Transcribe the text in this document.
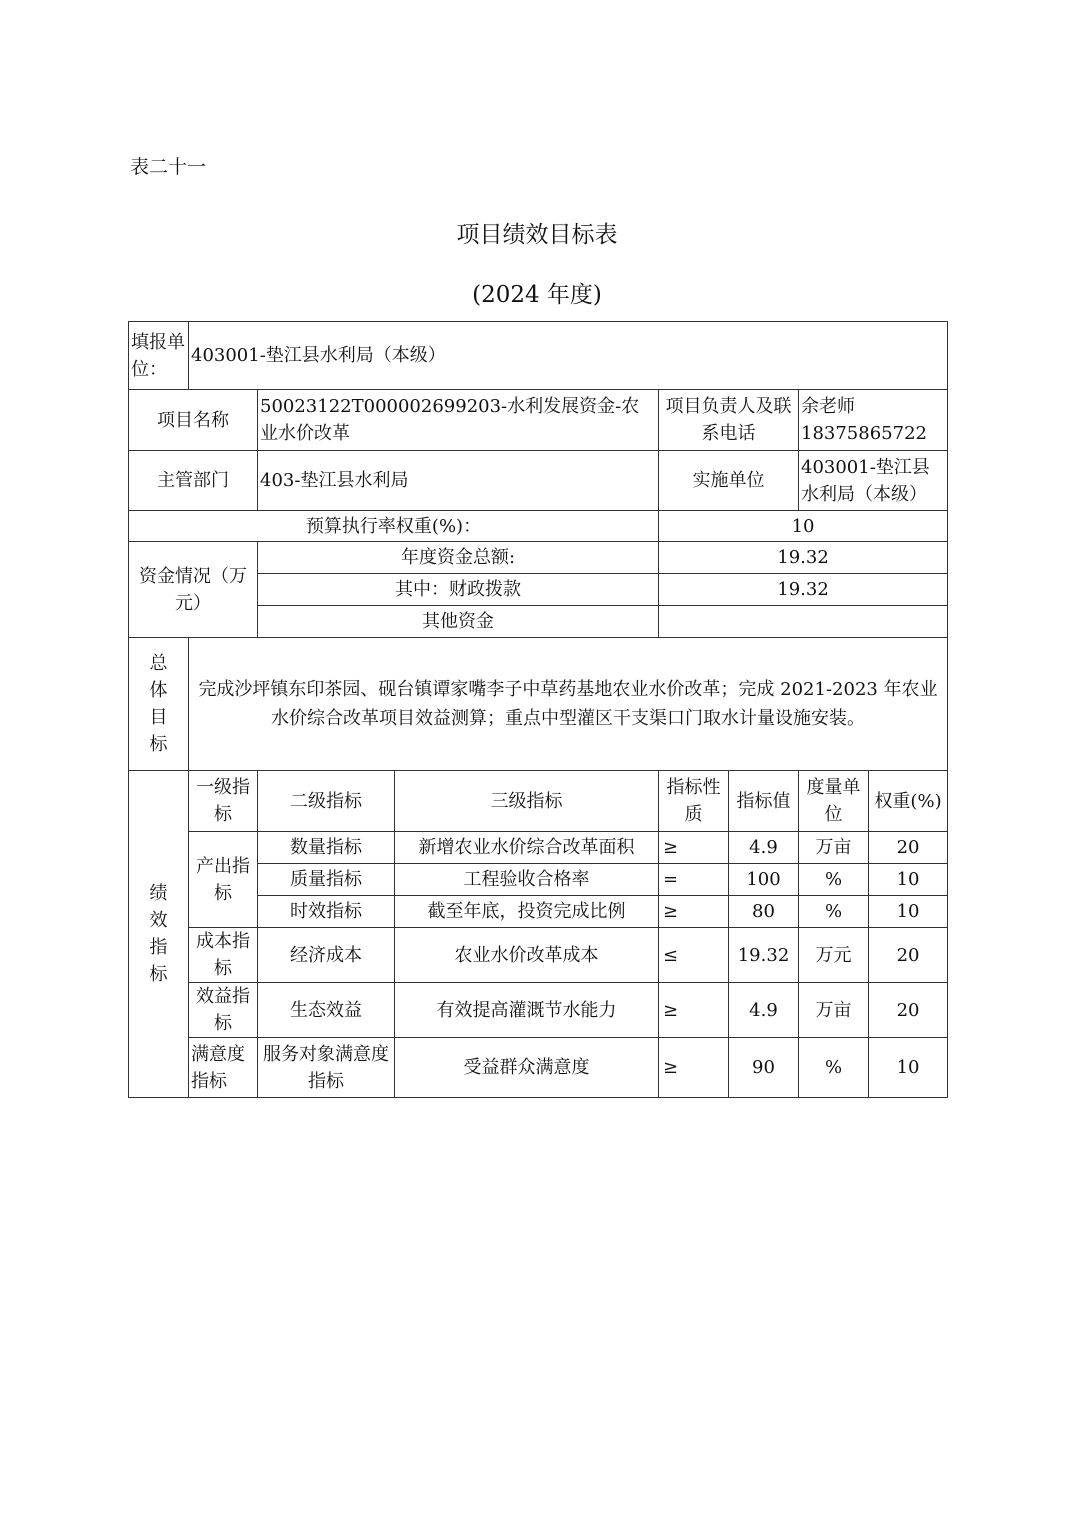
表二十一
项目绩效目标表
(2024 年度)
填报单位：	403001-垫江县水利局（本级）						
项目名称		50023122T000002699203-水利发展资金-农业水价改革		项目负责人及联系电话		余老师
18375865722	

主管部门		403-垫江县水利局		实施单位		403001-垫江县水利局（本级）	
预算执行率权重(%)：				10			
资金情况（万元）		年度资金总额:		19.32			
		其中：财政拨款		19.32			
		其他资金					
总体目标	完成沙坪镇东印茶园、砚台镇谭家嘴李子中草药基地农业水价改革；完成 2021-2023 年农业水价综合改革项目效益测算；重点中型灌区干支渠口门取水计量设施安装。						
绩效指标	一级指标	二级指标	三级指标	指标性质	指标值	度量单位	权重(%)
	产出指标	数量指标	新增农业水价综合改革面积	≥	4.9	万亩	20
		质量指标	工程验收合格率	=	100	%	10
		时效指标	截至年底，投资完成比例	≥	80	%	10
	成本指标	经济成本	农业水价改革成本	≤	19.32	万元	20
	效益指标	生态效益	有效提高灌溉节水能力	≥	4.9	万亩	20
	满意度指标	服务对象满意度指标	受益群众满意度	≥	90	%	10
